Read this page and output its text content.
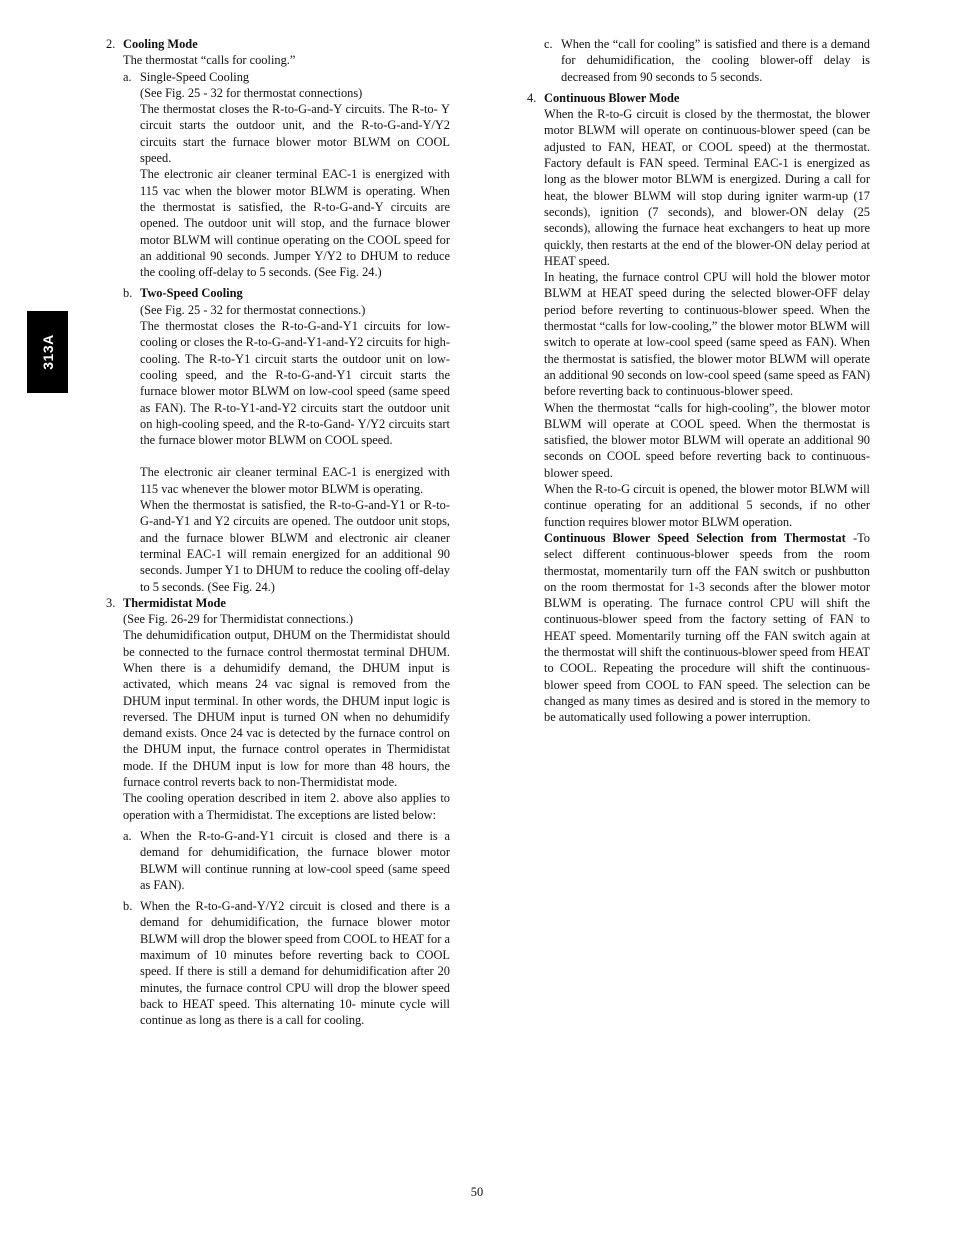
313A
2. Cooling Mode

The thermostat “calls for cooling.”

a. Single-Speed Cooling

(See Fig. 25 - 32 for thermostat connections)

The thermostat closes the R-to-G-and-Y circuits. The R-to- Y circuit starts the outdoor unit, and the R-to-G-and-Y/Y2 circuits start the furnace blower motor BLWM on COOL speed.

The electronic air cleaner terminal EAC-1 is energized with 115 vac when the blower motor BLWM is operating. When the thermostat is satisfied, the R-to-G-and-Y circuits are opened. The outdoor unit will stop, and the furnace blower motor BLWM will continue operating on the COOL speed for an additional 90 seconds. Jumper Y/Y2 to DHUM to reduce the cooling off-delay to 5 seconds. (See Fig. 24.)

b. Two-Speed Cooling

(See Fig. 25 - 32 for thermostat connections.)

The thermostat closes the R-to-G-and-Y1 circuits for low-cooling or closes the R-to-G-and-Y1-and-Y2 circuits for high-cooling. The R-to-Y1 circuit starts the outdoor unit on low-cooling speed, and the R-to-G-and-Y1 circuit starts the furnace blower motor BLWM on low-cool speed (same speed as FAN). The R-to-Y1-and-Y2 circuits start the outdoor unit on high-cooling speed, and the R-to-Gand- Y/Y2 circuits start the furnace blower motor BLWM on COOL speed.

The electronic air cleaner terminal EAC-1 is energized with 115 vac whenever the blower motor BLWM is operating.

When the thermostat is satisfied, the R-to-G-and-Y1 or R-to-G-and-Y1 and Y2 circuits are opened. The outdoor unit stops, and the furnace blower BLWM and electronic air cleaner terminal EAC-1 will remain energized for an additional 90 seconds. Jumper Y1 to DHUM to reduce the cooling off-delay to 5 seconds. (See Fig. 24.)

3. Thermidistat Mode

(See Fig. 26-29 for Thermidistat connections.)

The dehumidification output, DHUM on the Thermidistat should be connected to the furnace control thermostat terminal DHUM. When there is a dehumidify demand, the DHUM input is activated, which means 24 vac signal is removed from the DHUM input terminal. In other words, the DHUM input logic is reversed. The DHUM input is turned ON when no dehumidify demand exists. Once 24 vac is detected by the furnace control on the DHUM input, the furnace control operates in Thermidistat mode. If the DHUM input is low for more than 48 hours, the furnace control reverts back to non-Thermidistat mode.

The cooling operation described in item 2. above also applies to operation with a Thermidistat. The exceptions are listed below:

a. When the R-to-G-and-Y1 circuit is closed and there is a demand for dehumidification, the furnace blower motor BLWM will continue running at low-cool speed (same speed as FAN).

b. When the R-to-G-and-Y/Y2 circuit is closed and there is a demand for dehumidification, the furnace blower motor BLWM will drop the blower speed from COOL to HEAT for a maximum of 10 minutes before reverting back to COOL speed. If there is still a demand for dehumidification after 20 minutes, the furnace control CPU will drop the blower speed back to HEAT speed. This alternating 10- minute cycle will continue as long as there is a call for cooling.

c. When the “call for cooling” is satisfied and there is a demand for dehumidification, the cooling blower-off delay is decreased from 90 seconds to 5 seconds.

4. Continuous Blower Mode

When the R-to-G circuit is closed by the thermostat, the blower motor BLWM will operate on continuous-blower speed (can be adjusted to FAN, HEAT, or COOL speed) at the thermostat. Factory default is FAN speed. Terminal EAC-1 is energized as long as the blower motor BLWM is energized. During a call for heat, the blower BLWM will stop during igniter warm-up (17 seconds), ignition (7 seconds), and blower-ON delay (25 seconds), allowing the furnace heat exchangers to heat up more quickly, then restarts at the end of the blower-ON delay period at HEAT speed.

In heating, the furnace control CPU will hold the blower motor BLWM at HEAT speed during the selected blower-OFF delay period before reverting to continuous-blower speed. When the thermostat “calls for low-cooling,” the blower motor BLWM will switch to operate at low-cool speed (same speed as FAN). When the thermostat is satisfied, the blower motor BLWM will operate an additional 90 seconds on low-cool speed (same speed as FAN) before reverting back to continuous-blower speed.

When the thermostat “calls for high-cooling”, the blower motor BLWM will operate at COOL speed. When the thermostat is satisfied, the blower motor BLWM will operate an additional 90 seconds on COOL speed before reverting back to continuous-blower speed.

When the R-to-G circuit is opened, the blower motor BLWM will continue operating for an additional 5 seconds, if no other function requires blower motor BLWM operation.

Continuous Blower Speed Selection from Thermostat -To select different continuous-blower speeds from the room thermostat, momentarily turn off the FAN switch or pushbutton on the room thermostat for 1-3 seconds after the blower motor BLWM is operating. The furnace control CPU will shift the continuous-blower speed from the factory setting of FAN to HEAT speed. Momentarily turning off the FAN switch again at the thermostat will shift the continuous-blower speed from HEAT to COOL. Repeating the procedure will shift the continuous-blower speed from COOL to FAN speed. The selection can be changed as many times as desired and is stored in the memory to be automatically used following a power interruption.

50
